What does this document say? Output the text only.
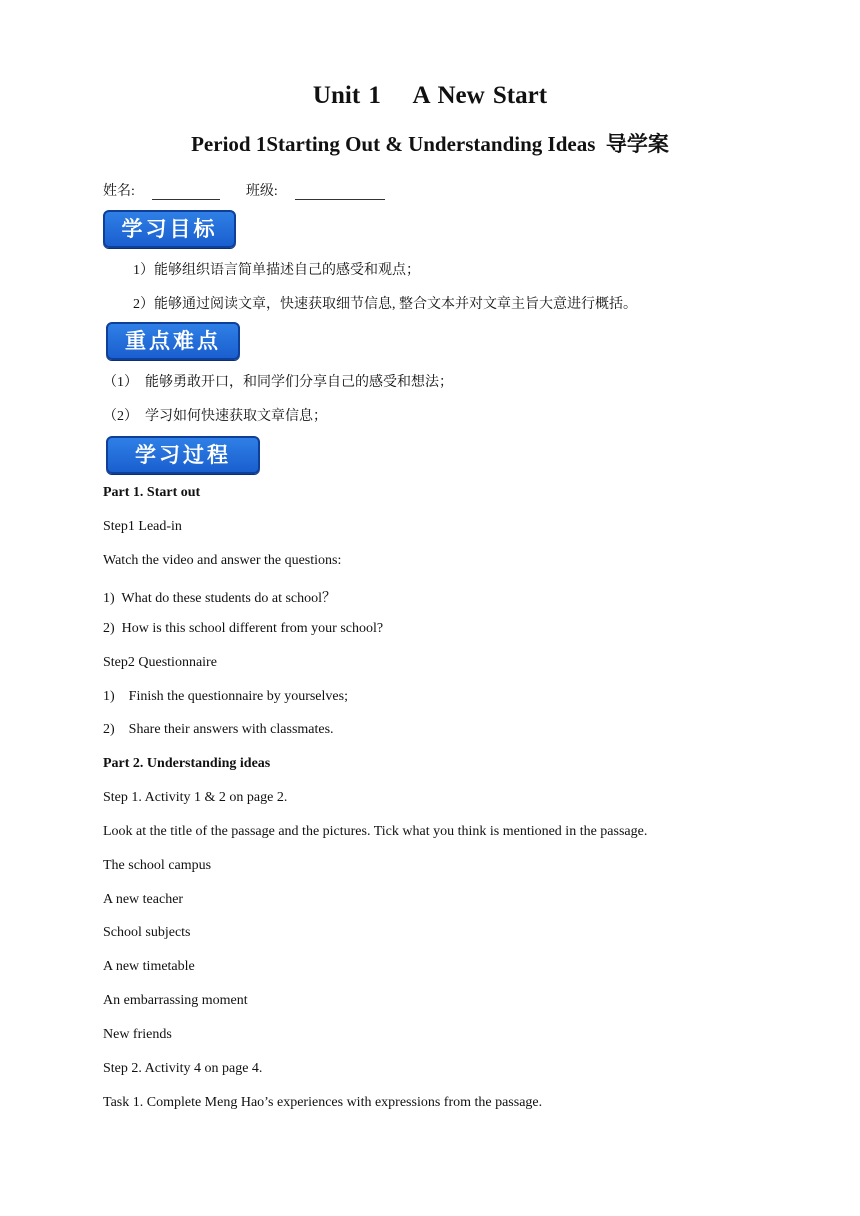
Unit 1    A New Start
Period 1Starting Out & Understanding Ideas  导学案
姓名:	班级:
学习目标
1）能够组织语言简单描述自己的感受和观点；
2）能够通过阅读文章，快速获取细节信息, 整合文本并对文章主旨大意进行概括。
重点难点
（1）  能够勇敢开口，和同学们分享自己的感受和想法；
（2）  学习如何快速获取文章信息；
学习过程
Part 1. Start out
Step1 Lead-in
Watch the video and answer the questions:
1)  What do these students do at school？
2)  How is this school different from your school?
Step2 Questionnaire
1)    Finish the questionnaire by yourselves;
2)    Share their answers with classmates.
Part 2. Understanding ideas
Step 1. Activity 1 & 2 on page 2.
Look at the title of the passage and the pictures. Tick what you think is mentioned in the passage.
The school campus
A new teacher
School subjects
A new timetable
An embarrassing moment
New friends
Step 2. Activity 4 on page 4.
Task 1. Complete Meng Hao’s experiences with expressions from the passage.
